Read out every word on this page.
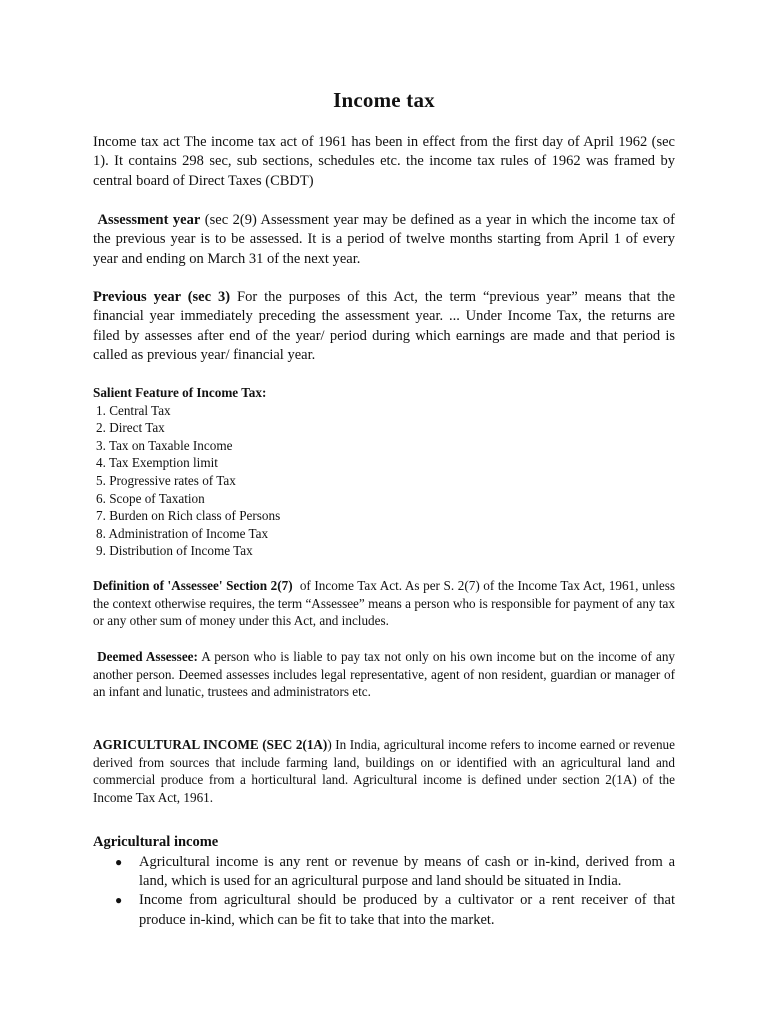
Income tax

Income tax act The income tax act of 1961 has been in effect from the first day of April 1962 (sec 1). It contains 298 sec, sub sections, schedules etc. the income tax rules of 1962 was framed by central board of Direct Taxes (CBDT)

Assessment year (sec 2(9) Assessment year may be defined as a year in which the income tax of the previous year is to be assessed. It is a period of twelve months starting from April 1 of every year and ending on March 31 of the next year.

Previous year (sec 3) For the purposes of this Act, the term “previous year” means that the financial year immediately preceding the assessment year. ... Under Income Tax, the returns are filed by assesses after end of the year/ period during which earnings are made and that period is called as previous year/ financial year.

Salient Feature of Income Tax:
1. Central Tax
2. Direct Tax
3. Tax on Taxable Income
4. Tax Exemption limit
5. Progressive rates of Tax
6. Scope of Taxation
7. Burden on Rich class of Persons
8. Administration of Income Tax
9. Distribution of Income Tax

Definition of 'Assessee' Section 2(7)  of Income Tax Act. As per S. 2(7) of the Income Tax Act, 1961, unless the context otherwise requires, the term “Assessee” means a person who is responsible for payment of any tax or any other sum of money under this Act, and includes.

Deemed Assessee: A person who is liable to pay tax not only on his own income but on the income of any another person. Deemed assesses includes legal representative, agent of non resident, guardian or manager of an infant and lunatic, trustees and administrators etc.

AGRICULTURAL INCOME (SEC 2(1A)) In India, agricultural income refers to income earned or revenue derived from sources that include farming land, buildings on or identified with an agricultural land and commercial produce from a horticultural land. Agricultural income is defined under section 2(1A) of the Income Tax Act, 1961.

Agricultural income
● Agricultural income is any rent or revenue by means of cash or in-kind, derived from a land, which is used for an agricultural purpose and land should be situated in India.
● Income from agricultural should be produced by a cultivator or a rent receiver of that produce in-kind, which can be fit to take that into the market.
